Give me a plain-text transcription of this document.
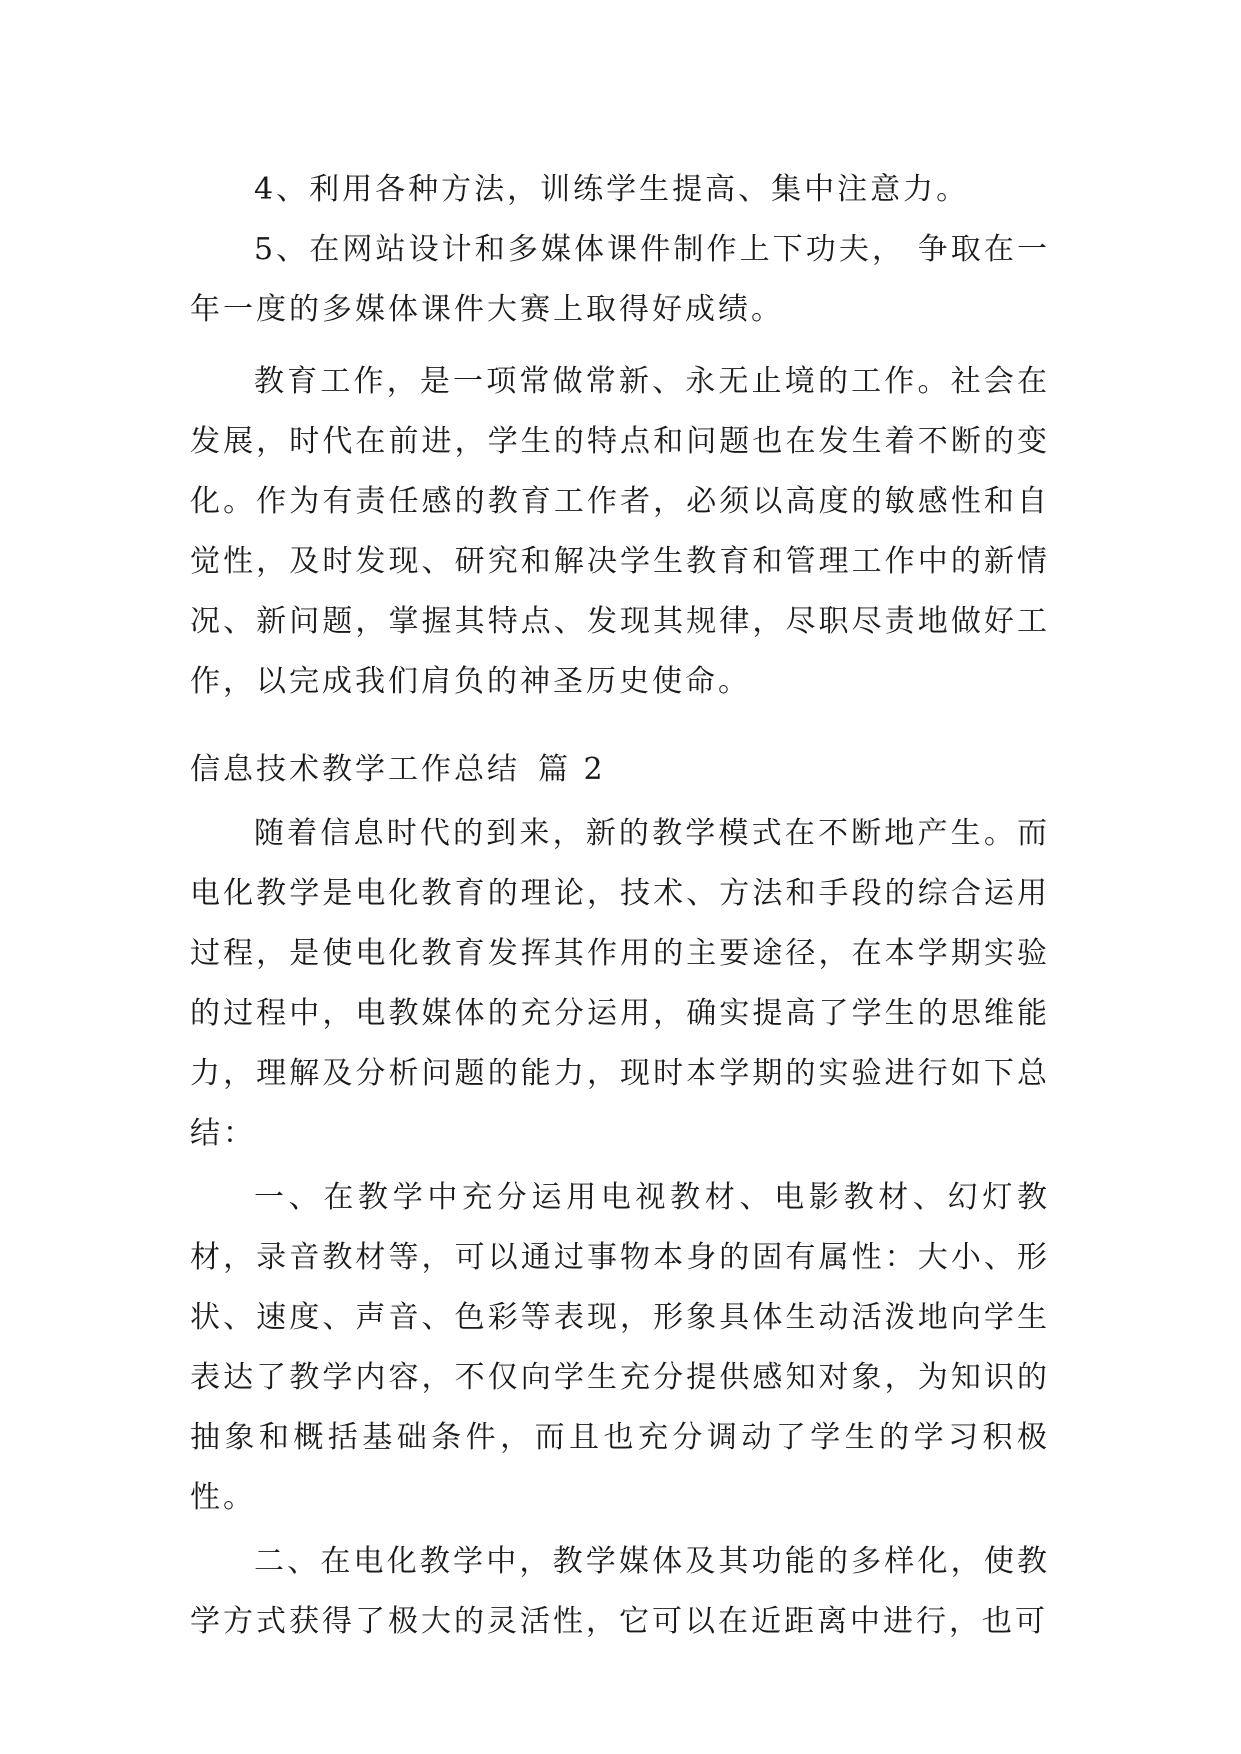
4、利用各种方法，训练学生提高、集中注意力。

5、在网站设计和多媒体课件制作上下功夫， 争取在一年一度的多媒体课件大赛上取得好成绩。

教育工作，是一项常做常新、永无止境的工作。社会在发展，时代在前进，学生的特点和问题也在发生着不断的变化。作为有责任感的教育工作者，必须以高度的敏感性和自觉性，及时发现、研究和解决学生教育和管理工作中的新情况、新问题，掌握其特点、发现其规律，尽职尽责地做好工作，以完成我们肩负的神圣历史使命。

信息技术教学工作总结 篇 2

随着信息时代的到来，新的教学模式在不断地产生。而电化教学是电化教育的理论，技术、方法和手段的综合运用过程，是使电化教育发挥其作用的主要途径，在本学期实验的过程中，电教媒体的充分运用，确实提高了学生的思维能力，理解及分析问题的能力，现时本学期的实验进行如下总结：

一、在教学中充分运用电视教材、电影教材、幻灯教材，录音教材等，可以通过事物本身的固有属性：大小、形状、速度、声音、色彩等表现，形象具体生动活泼地向学生表达了教学内容，不仅向学生充分提供感知对象，为知识的抽象和概括基础条件，而且也充分调动了学生的学习积极性。

二、在电化教学中，教学媒体及其功能的多样化，使教学方式获得了极大的灵活性，它可以在近距离中进行，也可
